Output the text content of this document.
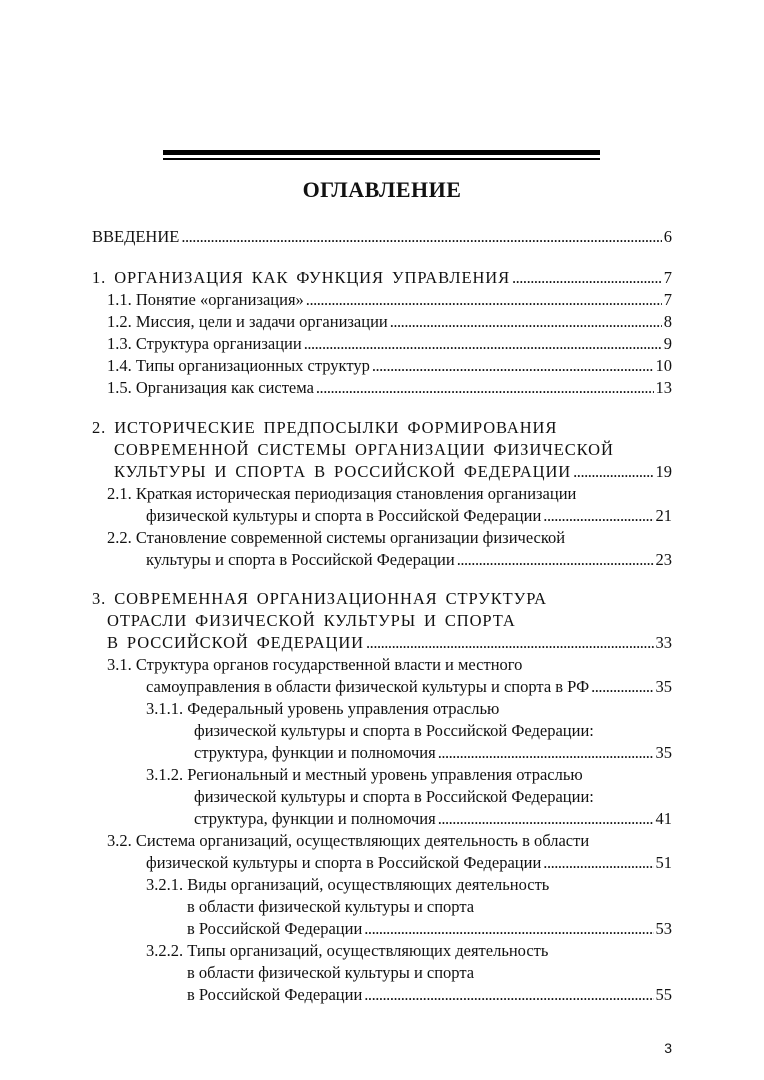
ОГЛАВЛЕНИЕ
ВВЕДЕНИЕ . . .	6
1. ОРГАНИЗАЦИЯ КАК ФУНКЦИЯ УПРАВЛЕНИЯ . . .	7
1.1. Понятие «организация» . . .	7
1.2. Миссия, цели и задачи организации . . .	8
1.3. Структура организации . . .	9
1.4. Типы организационных структур . . .	10
1.5. Организация как система . . .	13
2. ИСТОРИЧЕСКИЕ ПРЕДПОСЫЛКИ ФОРМИРОВАНИЯ
СОВРЕМЕННОЙ СИСТЕМЫ ОРГАНИЗАЦИИ ФИЗИЧЕСКОЙ
КУЛЬТУРЫ И СПОРТА В РОССИЙСКОЙ ФЕДЕРАЦИИ . . .	19
2.1. Краткая историческая периодизация становления организации
физической культуры и спорта в Российской Федерации . . .	21
2.2. Становление современной системы организации физической
культуры и спорта в Российской Федерации . . .	23
3. СОВРЕМЕННАЯ ОРГАНИЗАЦИОННАЯ СТРУКТУРА
ОТРАСЛИ ФИЗИЧЕСКОЙ КУЛЬТУРЫ И СПОРТА
В РОССИЙСКОЙ ФЕДЕРАЦИИ . . .	33
3.1. Структура органов государственной власти и местного
самоуправления в области физической культуры и спорта в РФ . . .	35
3.1.1. Федеральный уровень управления отраслью
физической культуры и спорта в Российской Федерации:
структура, функции и полномочия . . .	35
3.1.2. Региональный и местный уровень управления отраслью
физической культуры и спорта в Российской Федерации:
структура, функции и полномочия . . .	41
3.2. Система организаций, осуществляющих деятельность в области
физической культуры и спорта в Российской Федерации . . .	51
3.2.1. Виды организаций, осуществляющих деятельность
в области физической культуры и спорта
в Российской Федерации . . .	53
3.2.2. Типы организаций, осуществляющих деятельность
в области физической культуры и спорта
в Российской Федерации . . .	55
3
